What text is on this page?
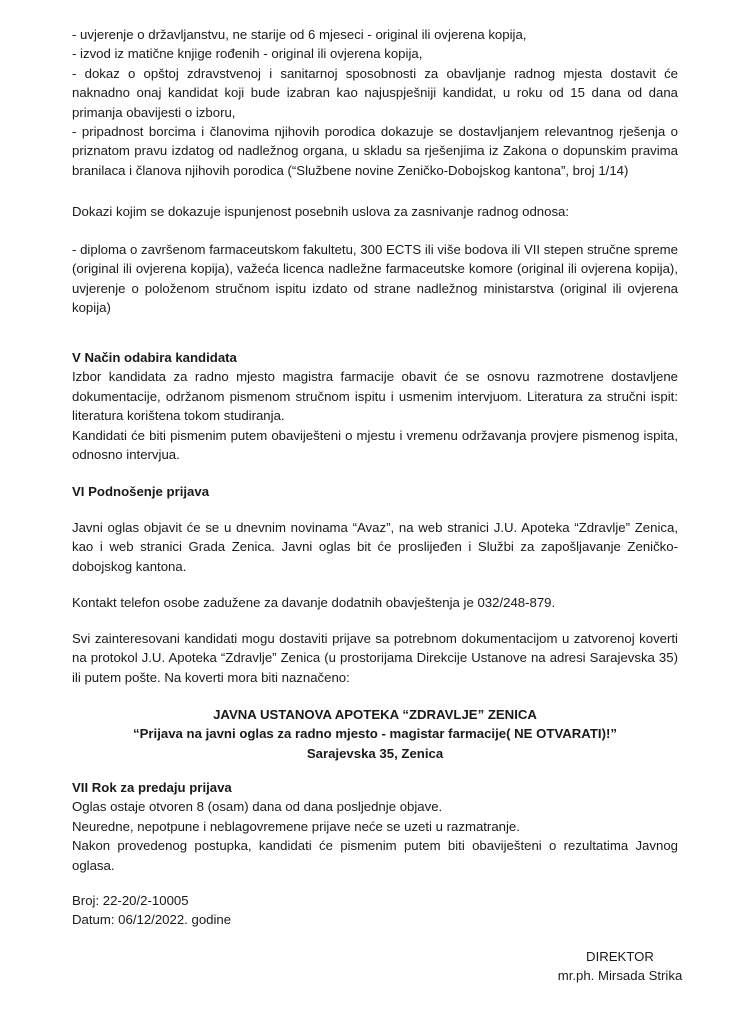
- uvjerenje o državljanstvu, ne starije od 6 mjeseci - original ili ovjerena kopija,

- izvod iz matične knjige rođenih - original ili ovjerena kopija,

- dokaz o opštoj zdravstvenoj i sanitarnoj sposobnosti za obavljanje radnog mjesta dostavit će naknadno onaj kandidat koji bude izabran kao najuspješniji kandidat, u roku od 15 dana od dana primanja obavijesti o izboru,

- pripadnost borcima i članovima njihovih porodica dokazuje se dostavljanjem relevantnog rješenja o priznatom pravu izdatog od nadležnog organa, u skladu sa rješenjima iz Zakona o dopunskim pravima branilaca i članova njihovih porodica (“Službene novine Zeničko-Dobojskog kantona”, broj 1/14)

Dokazi kojim se dokazuje ispunjenost posebnih uslova za zasnivanje radnog odnosa:

- diploma o završenom farmaceutskom fakultetu, 300 ECTS ili više bodova ili VII stepen stručne spreme (original ili ovjerena kopija), važeća licenca nadležne farmaceutske komore (original ili ovjerena kopija), uvjerenje o položenom stručnom ispitu izdato od strane nadležnog ministarstva (original ili ovjerena kopija)

V Način odabira kandidata

Izbor kandidata za radno mjesto magistra farmacije obavit će se osnovu razmotrene dostavljene dokumentacije, održanom pismenom stručnom ispitu i usmenim intervjuom. Literatura za stručni ispit: literatura korištena tokom studiranja.

Kandidati će biti pismenim putem obaviješteni o mjestu i vremenu održavanja provjere pismenog ispita, odnosno intervjua.

VI Podnošenje prijava

Javni oglas objavit će se u dnevnim novinama “Avaz”, na web stranici J.U. Apoteka “Zdravlje” Zenica, kao i web stranici Grada Zenica. Javni oglas bit će proslijeđen i Službi za zapošljavanje Zeničko-dobojskog kantona.

Kontakt telefon osobe zadužene za davanje dodatnih obavještenja je 032/248-879.

Svi zainteresovani kandidati mogu dostaviti prijave sa potrebnom dokumentacijom u zatvorenoj koverti na protokol J.U. Apoteka “Zdravlje” Zenica (u prostorijama Direkcije Ustanove na adresi Sarajevska 35) ili putem pošte. Na koverti mora biti naznačeno:

JAVNA USTANOVA APOTEKA “ZDRAVLJE” ZENICA

“Prijava na javni oglas za radno mjesto - magistar farmacije( NE OTVARATI)!”

Sarajevska 35, Zenica

VII Rok za predaju prijava

Oglas ostaje otvoren 8 (osam) dana od dana posljednje objave.

Neuredne, nepotpune i neblagovremene prijave neće se uzeti u razmatranje.

Nakon provedenog postupka, kandidati će pismenim putem biti obaviješteni o rezultatima Javnog oglasa.

Broj: 22-20/2-10005

Datum: 06/12/2022. godine

DIREKTOR

mr.ph. Mirsada Strika
